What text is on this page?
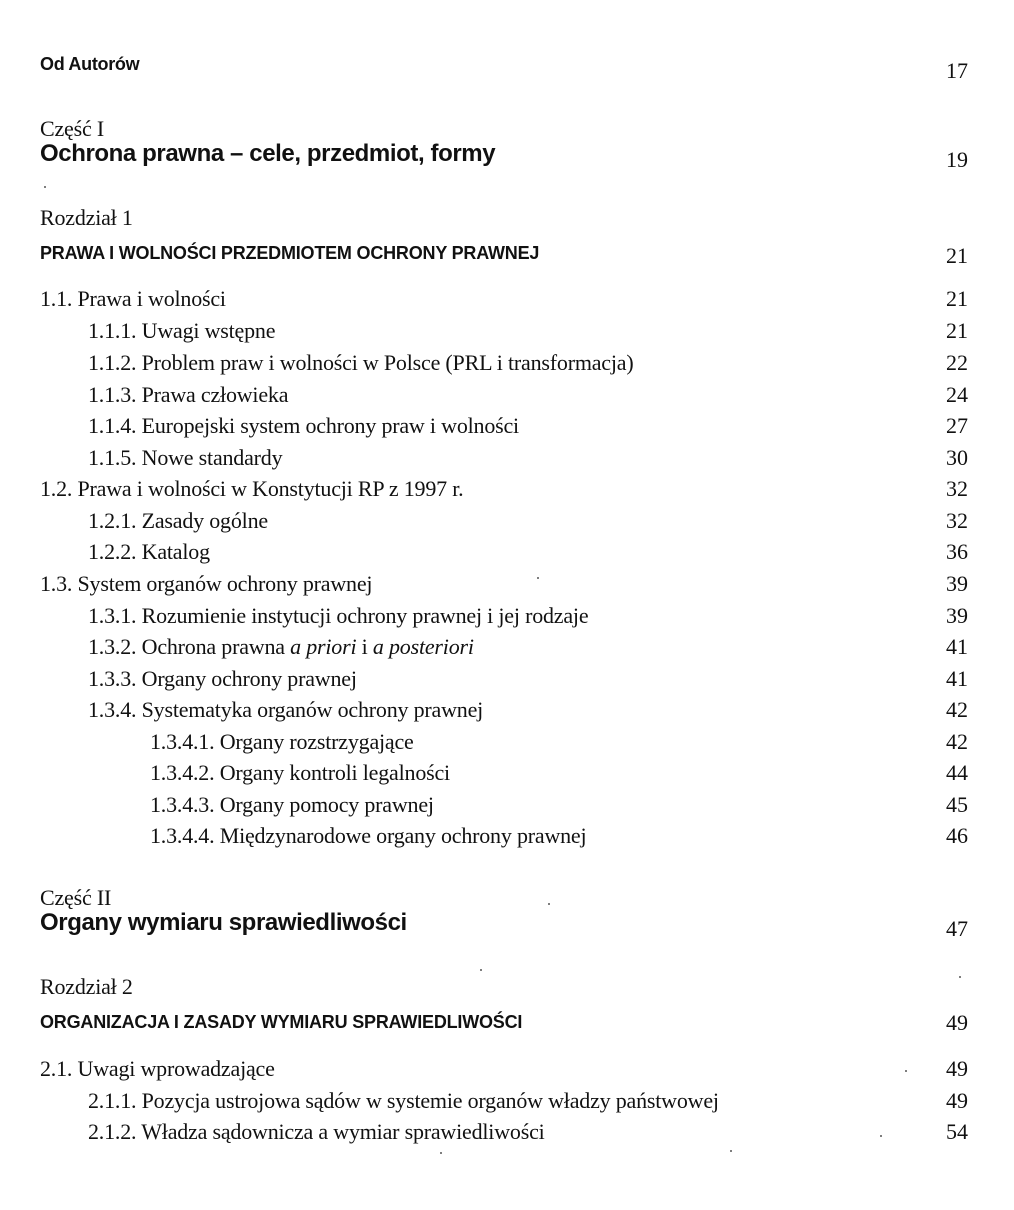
Od Autorów	17
Część I
Ochrona prawna – cele, przedmiot, formy	19
Rozdział 1
PRAWA I WOLNOŚCI PRZEDMIOTEM OCHRONY PRAWNEJ	21
1.1. Prawa i wolności	21
1.1.1. Uwagi wstępne	21
1.1.2. Problem praw i wolności w Polsce (PRL i transformacja)	22
1.1.3. Prawa człowieka	24
1.1.4. Europejski system ochrony praw i wolności	27
1.1.5. Nowe standardy	30
1.2. Prawa i wolności w Konstytucji RP z 1997 r.	32
1.2.1. Zasady ogólne	32
1.2.2. Katalog	36
1.3. System organów ochrony prawnej	39
1.3.1. Rozumienie instytucji ochrony prawnej i jej rodzaje	39
1.3.2. Ochrona prawna a priori i a posteriori	41
1.3.3. Organy ochrony prawnej	41
1.3.4. Systematyka organów ochrony prawnej	42
1.3.4.1. Organy rozstrzygające	42
1.3.4.2. Organy kontroli legalności	44
1.3.4.3. Organy pomocy prawnej	45
1.3.4.4. Międzynarodowe organy ochrony prawnej	46
Część II
Organy wymiaru sprawiedliwości	47
Rozdział 2
ORGANIZACJA I ZASADY WYMIARU SPRAWIEDLIWOŚCI	49
2.1. Uwagi wprowadzające	49
2.1.1. Pozycja ustrojowa sądów w systemie organów władzy państwowej	49
2.1.2. Władza sądownicza a wymiar sprawiedliwości	54
